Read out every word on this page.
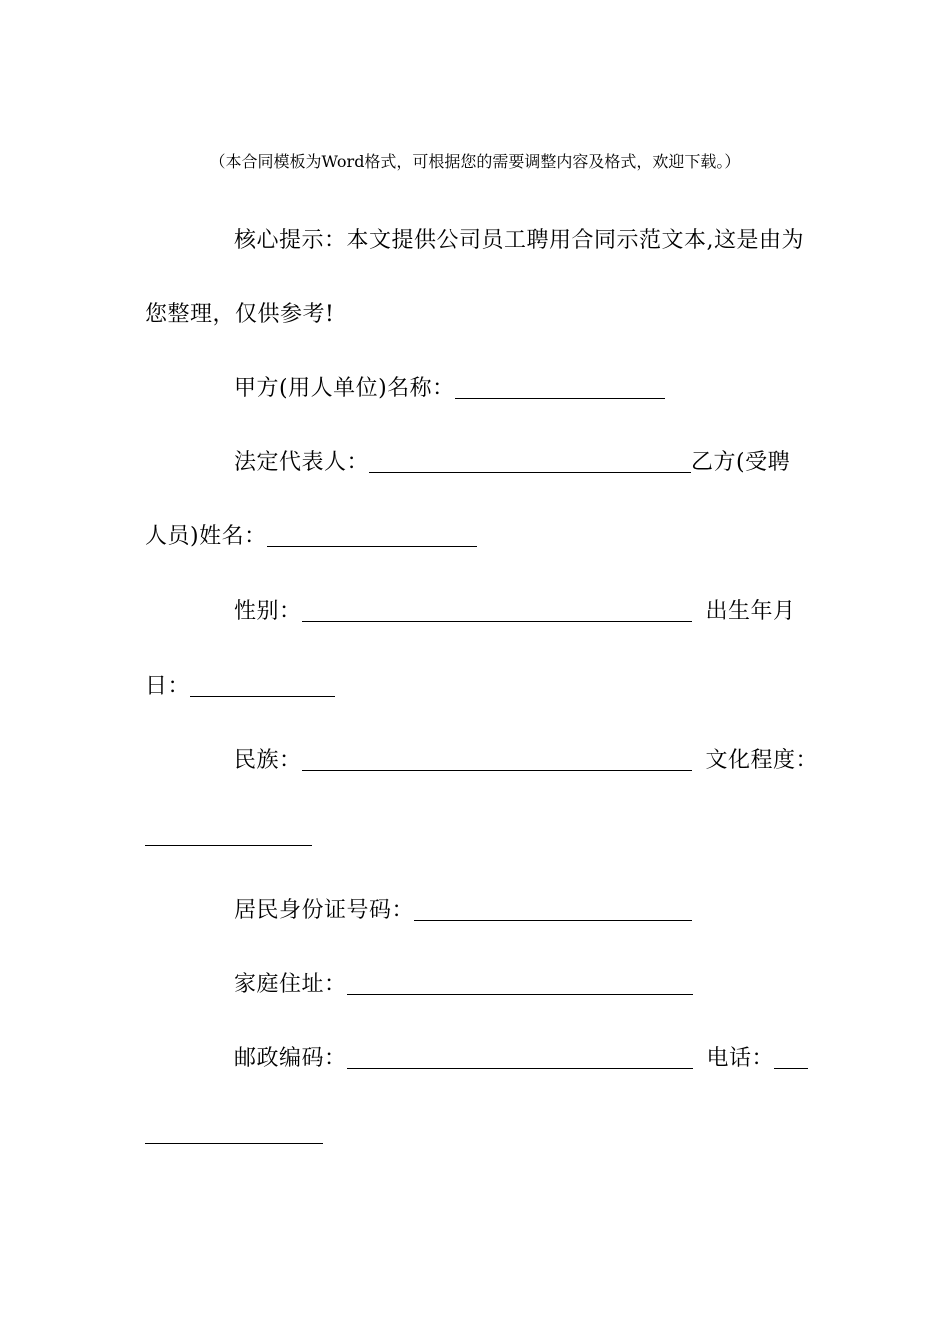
（本合同模板为Word格式，可根据您的需要调整内容及格式，欢迎下载。）
核心提示：本文提供公司员工聘用合同示范文本,这是由为
您整理，仅供参考!
甲方(用人单位)名称：
法定代表人：	乙方(受聘
人员)姓名：
性别：	出生年月
日：
民族：	文化程度：
居民身份证号码：
家庭住址：
邮政编码：	电话：
